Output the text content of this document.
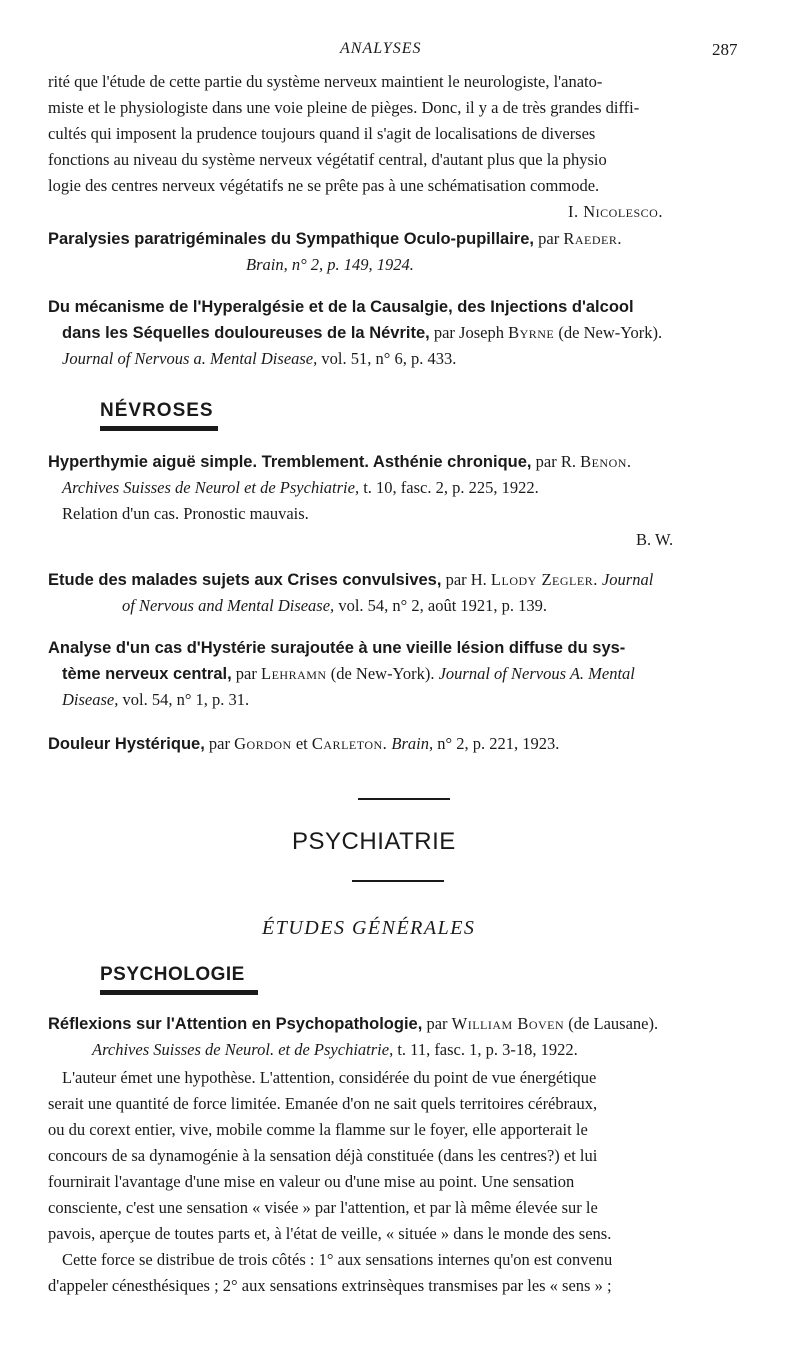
ANALYSES	287
rité que l'étude de cette partie du système nerveux maintient le neurologiste, l'anato-
miste et le physiologiste dans une voie pleine de pièges. Donc, il y a de très grandes diffi-
cultés qui imposent la prudence toujours quand il s'agit de localisations de diverses
fonctions au niveau du système nerveux végétatif central, d'autant plus que la physio
logie des centres nerveux végétatifs ne se prête pas à une schématisation commode.
I. Nicolesco.
Paralysies paratrigéminales du Sympathique Oculo-pupillaire, par Raeder.
Brain, n° 2, p. 149, 1924.
Du mécanisme de l'Hyperalgésie et de la Causalgie, des Injections d'alcool
dans les Séquelles douloureuses de la Névrite, par Joseph Byrne (de New-York).
Journal of Nervous a. Mental Disease, vol. 51, n° 6, p. 433.
NÉVROSES
Hyperthymie aiguë simple. Tremblement. Asthénie chronique, par R. Benon.
Archives Suisses de Neurol et de Psychiatrie, t. 10, fasc. 2, p. 225, 1922.
Relation d'un cas. Pronostic mauvais.
B. W.
Etude des malades sujets aux Crises convulsives, par H. Llody Zegler. Journal
of Nervous and Mental Disease, vol. 54, n° 2, août 1921, p. 139.
Analyse d'un cas d'Hystérie surajoutée à une vieille lésion diffuse du sys-
tème nerveux central, par Lehramn (de New-York). Journal of Nervous A. Mental
Disease, vol. 54, n° 1, p. 31.
Douleur Hystérique, par Gordon et Carleton. Brain, n° 2, p. 221, 1923.
PSYCHIATRIE
ÉTUDES GÉNÉRALES
PSYCHOLOGIE
Réflexions sur l'Attention en Psychopathologie, par William Boven (de Lausane).
Archives Suisses de Neurol. et de Psychiatrie, t. 11, fasc. 1, p. 3-18, 1922.
L'auteur émet une hypothèse. L'attention, considérée du point de vue énergétique
serait une quantité de force limitée. Emanée d'on ne sait quels territoires cérébraux,
ou du corext entier, vive, mobile comme la flamme sur le foyer, elle apporterait le
concours de sa dynamogénie à la sensation déjà constituée (dans les centres?) et lui
fournirait l'avantage d'une mise en valeur ou d'une mise au point. Une sensation
consciente, c'est une sensation « visée » par l'attention, et par là même élevée sur le
pavois, aperçue de toutes parts et, à l'état de veille, « située » dans le monde des sens.
Cette force se distribue de trois côtés : 1° aux sensations internes qu'on est convenu
d'appeler cénesthésiques ; 2° aux sensations extrinsèques transmises par les « sens » ;
